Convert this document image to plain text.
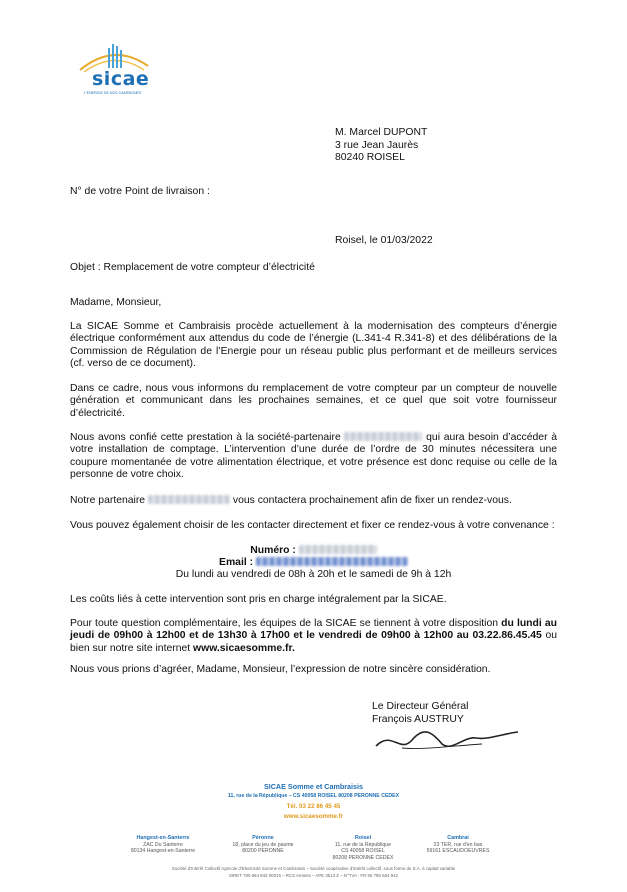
sicae
L'ÉNERGIE DE NOS CAMPAGNES
M. Marcel DUPONT
3 rue Jean Jaurès
80240 ROISEL
N° de votre Point de livraison :
Roisel, le 01/03/2022
Objet : Remplacement de votre compteur d’électricité
Madame, Monsieur,
La SICAE Somme et Cambraisis procède actuellement à la modernisation des compteurs d’énergie électrique conformément aux attendus du code de l’énergie (L.341-4 R.341-8) et des délibérations de la Commission de Régulation de l’Energie pour un réseau public plus performant et de meilleurs services (cf. verso de ce document).
Dans ce cadre, nous vous informons du remplacement de votre compteur par un compteur de nouvelle génération et communicant dans les prochaines semaines, et ce quel que soit votre fournisseur d’électricité.
Nous avons confié cette prestation à la société-partenaire	qui aura besoin d’accéder à votre installation de comptage. L’intervention d’une durée de l’ordre de 30 minutes nécessitera une coupure momentanée de votre alimentation électrique, et votre présence est donc requise ou celle de la personne de votre choix.
Notre partenaire	vous contactera prochainement afin de fixer un rendez-vous.
Vous pouvez également choisir de les contacter directement et fixer ce rendez-vous à votre convenance :
Numéro :
Email :
Du lundi au vendredi de 08h à 20h et le samedi de 9h à 12h
Les coûts liés à cette intervention sont pris en charge intégralement par la SICAE.
Pour toute question complémentaire, les équipes de la SICAE se tiennent à votre disposition du lundi au jeudi de 09h00 à 12h00 et de 13h30 à 17h00 et le vendredi de 09h00 à 12h00 au 03.22.86.45.45 ou bien sur notre site internet www.sicaesomme.fr.
Nous vous prions d’agréer, Madame, Monsieur, l’expression de notre sincère considération.
Le Directeur Général
François AUSTRUY
SICAE Somme et Cambraisis
11, rue de la République – CS 40058 ROISEL 80208 PERONNE CEDEX
Tél. 03 22 86 45 45
www.sicaesomme.fr
Hangest-en-Santerre
ZAC Du Santerre
80134 Hangest-en-Santerre
Péronne
18, place du jeu de paume
80200 PERONNE
Roisel
11, rue de la République
CS 40058 ROISEL
80208 PERONNE CEDEX
Cambrai
23 TER, rue d'en bas
59161 ESCAUDOEUVRES
Société d'Intérêt Collectif Agricole d'Electricité Somme et Cambraisis – Société coopérative d'intérêt collectif, sous forme de S.A. à capital variable
SIRET 780 664 942 00015 – RCS Amiens – APE 3513 Z – N°TVA : FR 66 780 664 942
